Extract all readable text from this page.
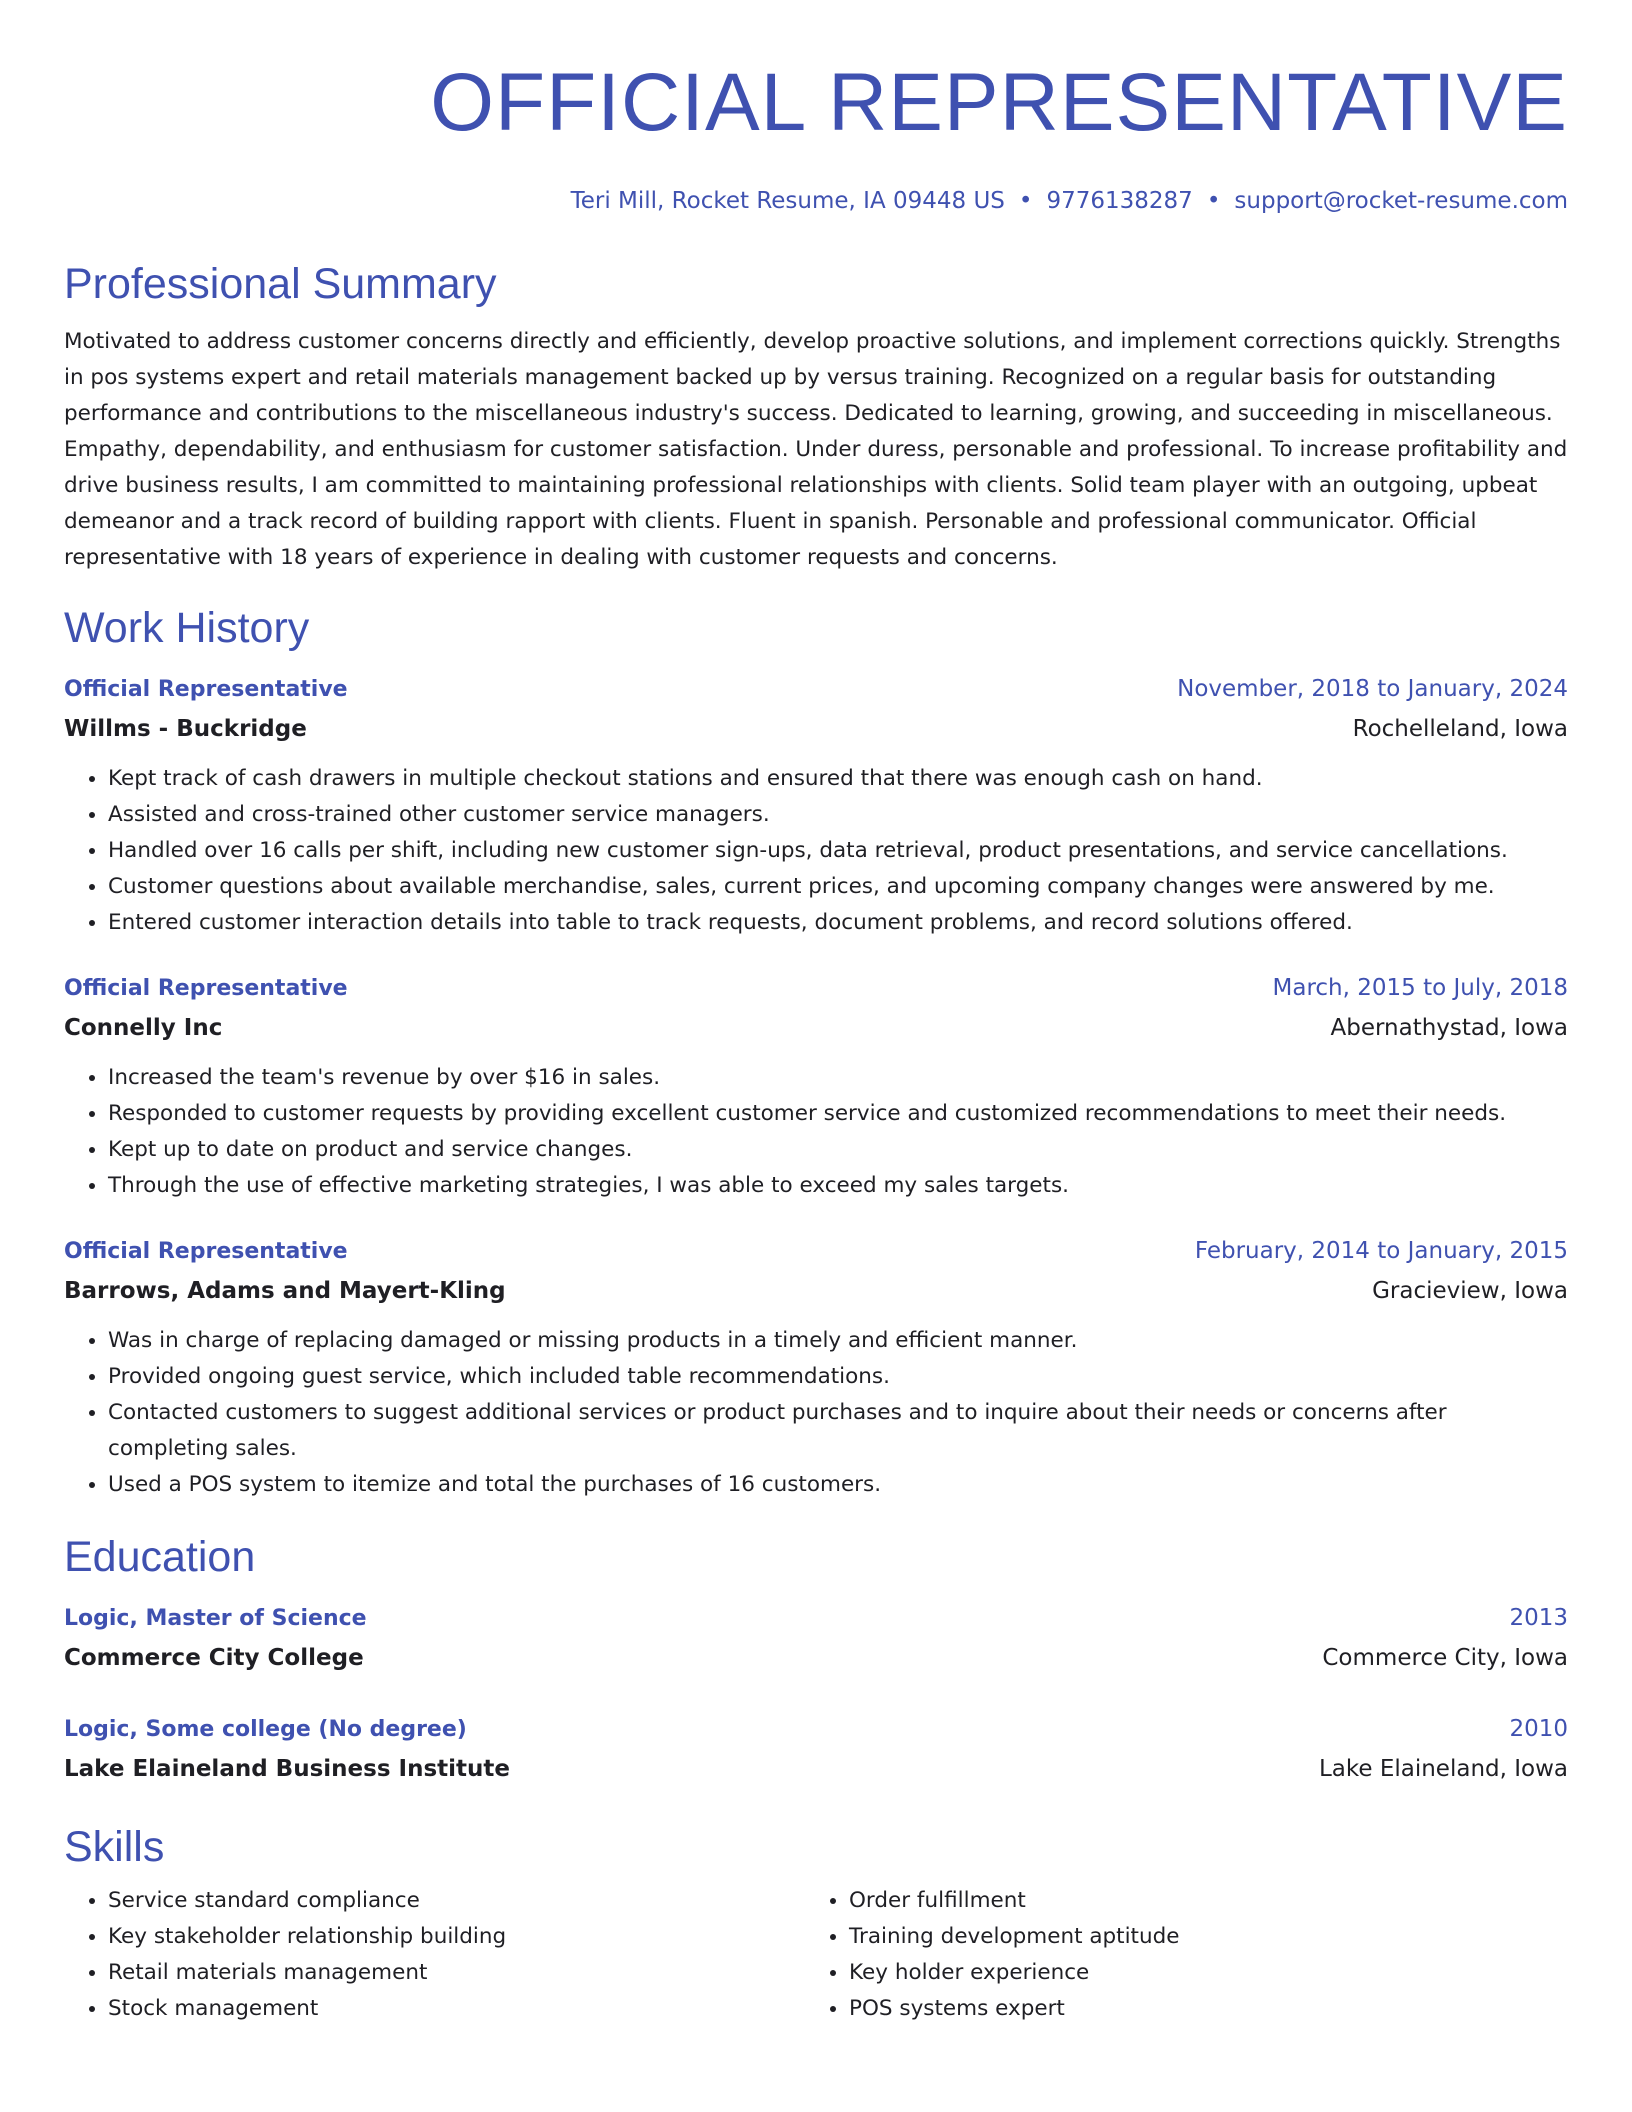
OFFICIAL REPRESENTATIVE
Teri Mill, Rocket Resume, IA 09448 US • 9776138287 • support@rocket-resume.com
Professional Summary
Motivated to address customer concerns directly and efficiently, develop proactive solutions, and implement corrections quickly. Strengths in pos systems expert and retail materials management backed up by versus training. Recognized on a regular basis for outstanding performance and contributions to the miscellaneous industry's success. Dedicated to learning, growing, and succeeding in miscellaneous. Empathy, dependability, and enthusiasm for customer satisfaction. Under duress, personable and professional. To increase profitability and drive business results, I am committed to maintaining professional relationships with clients. Solid team player with an outgoing, upbeat demeanor and a track record of building rapport with clients. Fluent in spanish. Personable and professional communicator. Official representative with 18 years of experience in dealing with customer requests and concerns.
Work History
Official Representative	November, 2018 to January, 2024
Willms - Buckridge	Rochelleland, Iowa
• Kept track of cash drawers in multiple checkout stations and ensured that there was enough cash on hand.
• Assisted and cross-trained other customer service managers.
• Handled over 16 calls per shift, including new customer sign-ups, data retrieval, product presentations, and service cancellations.
• Customer questions about available merchandise, sales, current prices, and upcoming company changes were answered by me.
• Entered customer interaction details into table to track requests, document problems, and record solutions offered.
Official Representative	March, 2015 to July, 2018
Connelly Inc	Abernathystad, Iowa
• Increased the team's revenue by over $16 in sales.
• Responded to customer requests by providing excellent customer service and customized recommendations to meet their needs.
• Kept up to date on product and service changes.
• Through the use of effective marketing strategies, I was able to exceed my sales targets.
Official Representative	February, 2014 to January, 2015
Barrows, Adams and Mayert-Kling	Gracieview, Iowa
• Was in charge of replacing damaged or missing products in a timely and efficient manner.
• Provided ongoing guest service, which included table recommendations.
• Contacted customers to suggest additional services or product purchases and to inquire about their needs or concerns after completing sales.
• Used a POS system to itemize and total the purchases of 16 customers.
Education
Logic, Master of Science	2013
Commerce City College	Commerce City, Iowa
Logic, Some college (No degree)	2010
Lake Elaineland Business Institute	Lake Elaineland, Iowa
Skills
• Service standard compliance
• Key stakeholder relationship building
• Retail materials management
• Stock management
• Order fulfillment
• Training development aptitude
• Key holder experience
• POS systems expert
